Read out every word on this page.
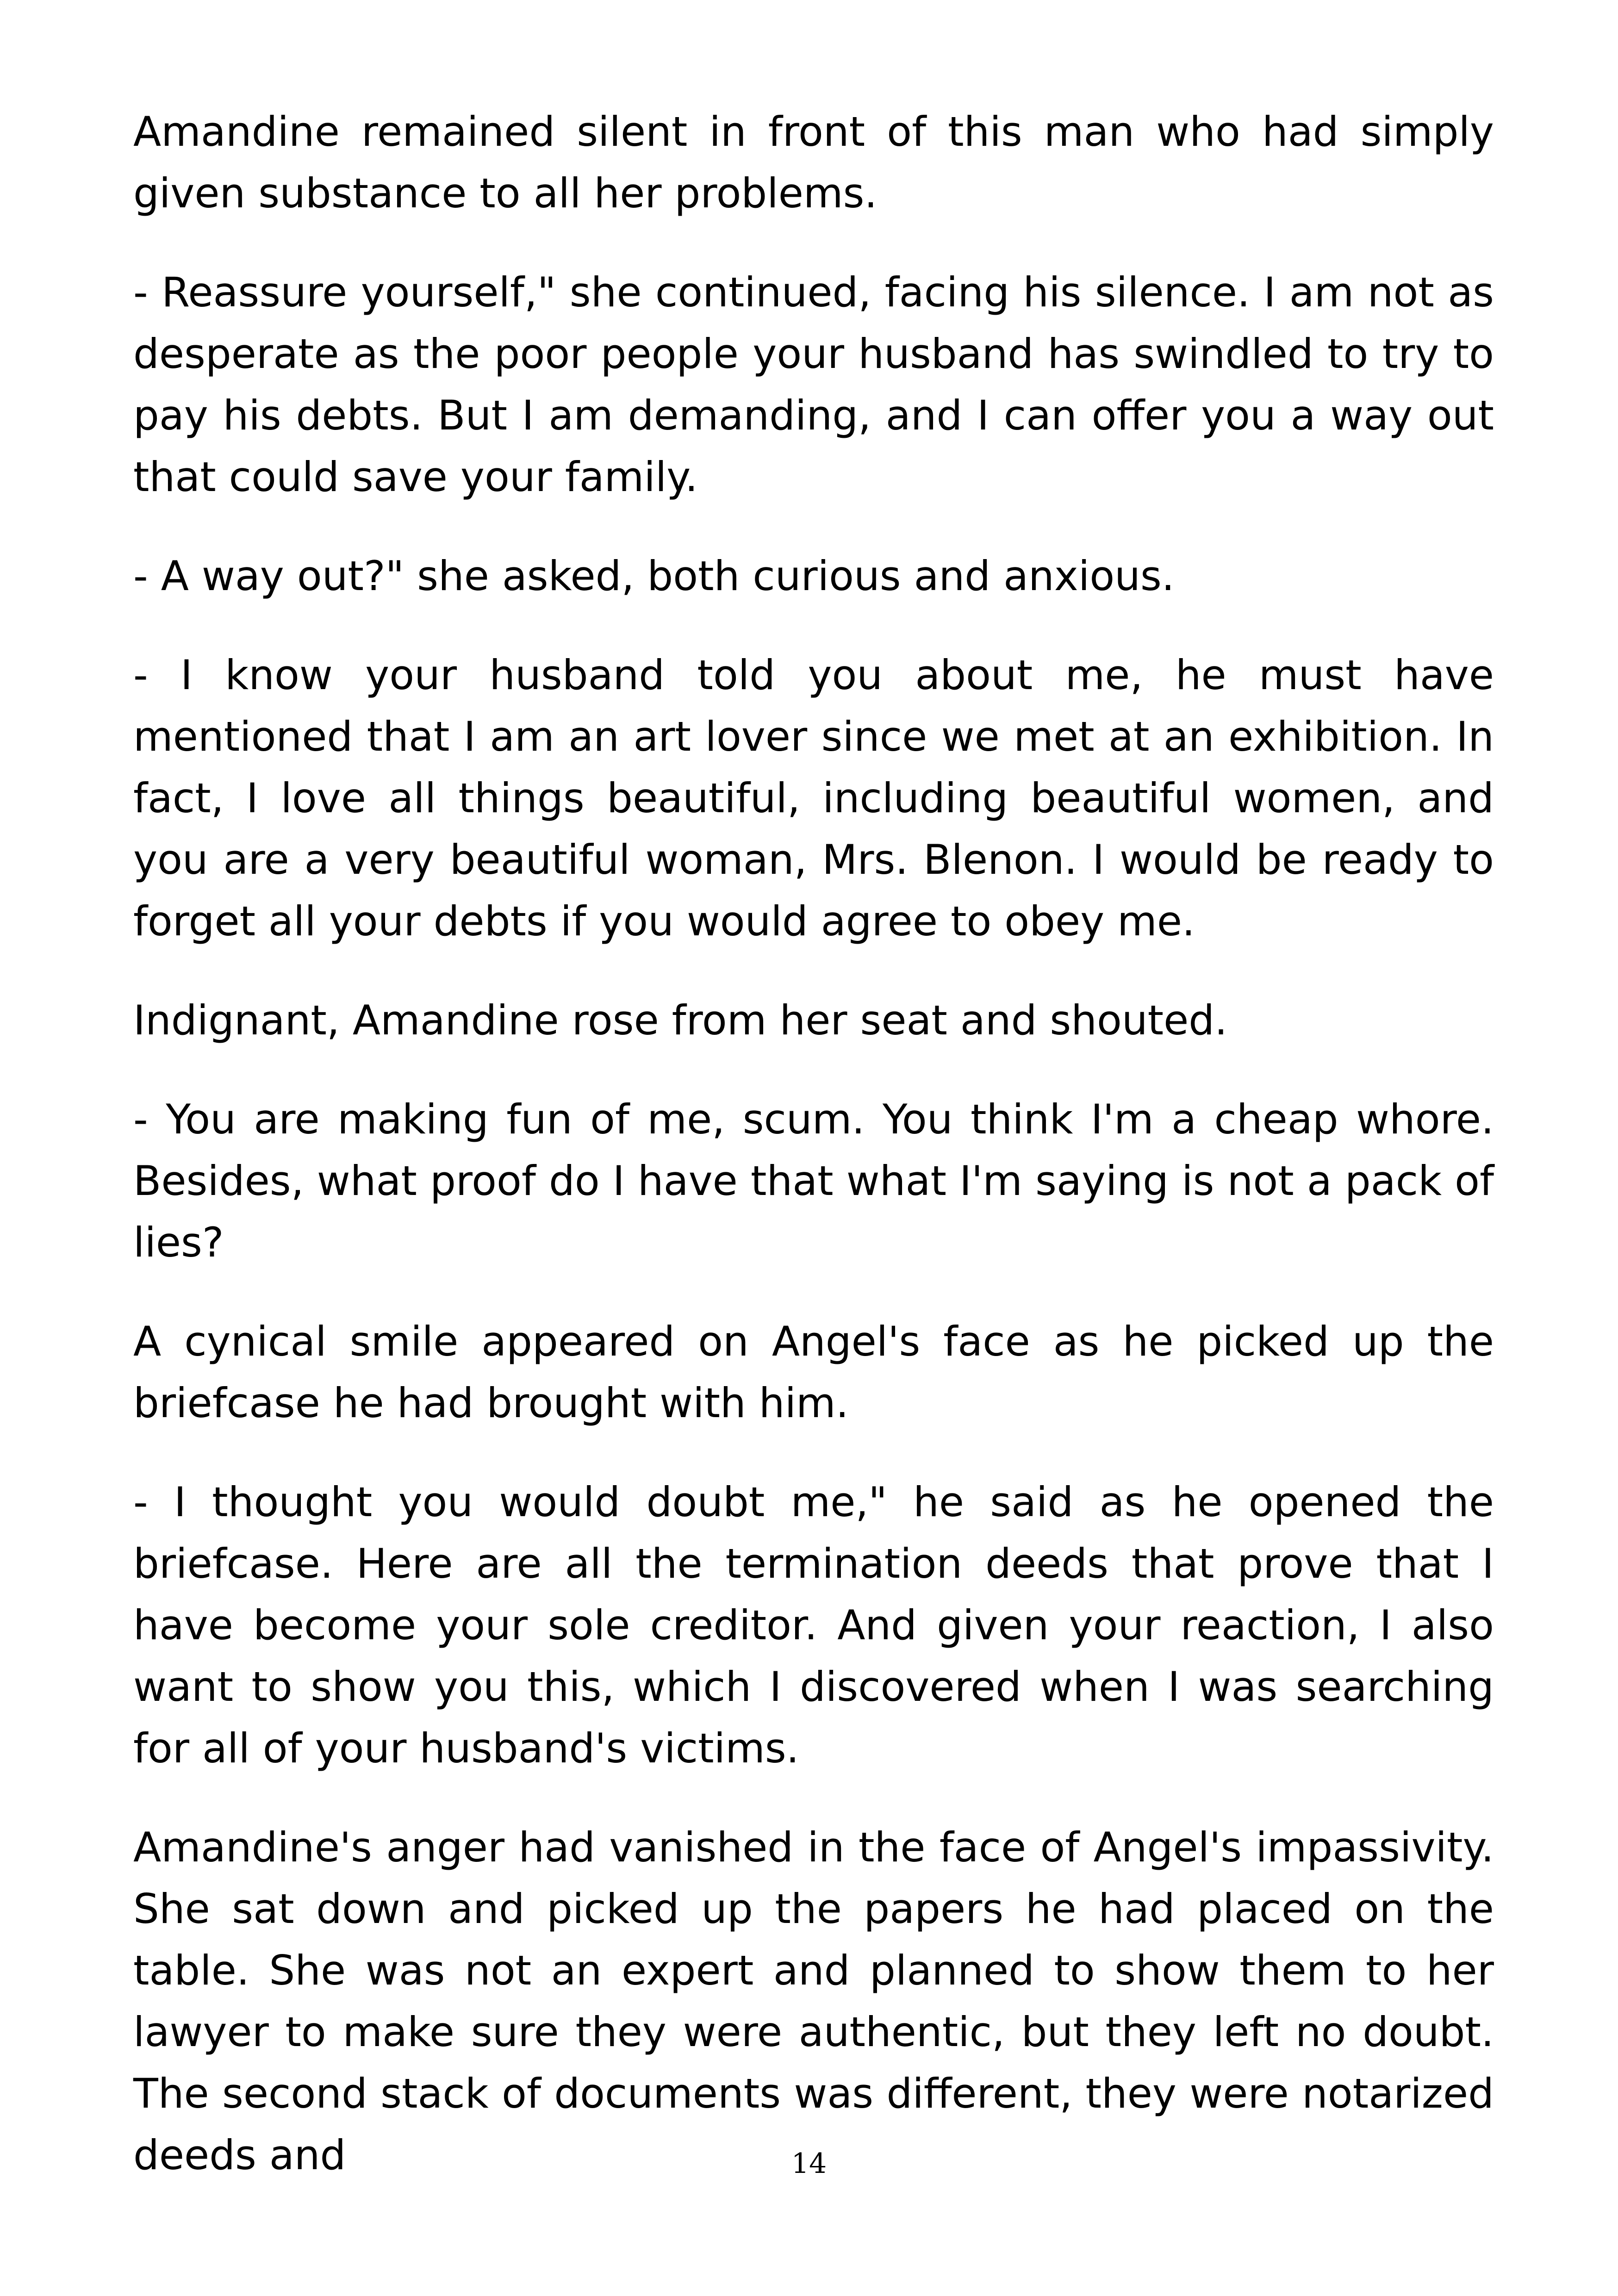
Amandine remained silent in front of this man who had simply given substance to all her problems.

- Reassure yourself," she continued, facing his silence. I am not as desperate as the poor people your husband has swindled to try to pay his debts. But I am demanding, and I can offer you a way out that could save your family.

- A way out?" she asked, both curious and anxious.

- I know your husband told you about me, he must have mentioned that I am an art lover since we met at an exhibition. In fact, I love all things beautiful, including beautiful women, and you are a very beautiful woman, Mrs. Blenon. I would be ready to forget all your debts if you would agree to obey me.

Indignant, Amandine rose from her seat and shouted.

- You are making fun of me, scum. You think I'm a cheap whore. Besides, what proof do I have that what I'm saying is not a pack of lies?

A cynical smile appeared on Angel's face as he picked up the briefcase he had brought with him.

- I thought you would doubt me," he said as he opened the briefcase. Here are all the termination deeds that prove that I have become your sole creditor. And given your reaction, I also want to show you this, which I discovered when I was searching for all of your husband's victims.

Amandine's anger had vanished in the face of Angel's impassivity. She sat down and picked up the papers he had placed on the table. She was not an expert and planned to show them to her lawyer to make sure they were authentic, but they left no doubt. The second stack of documents was different, they were notarized deeds and	14
